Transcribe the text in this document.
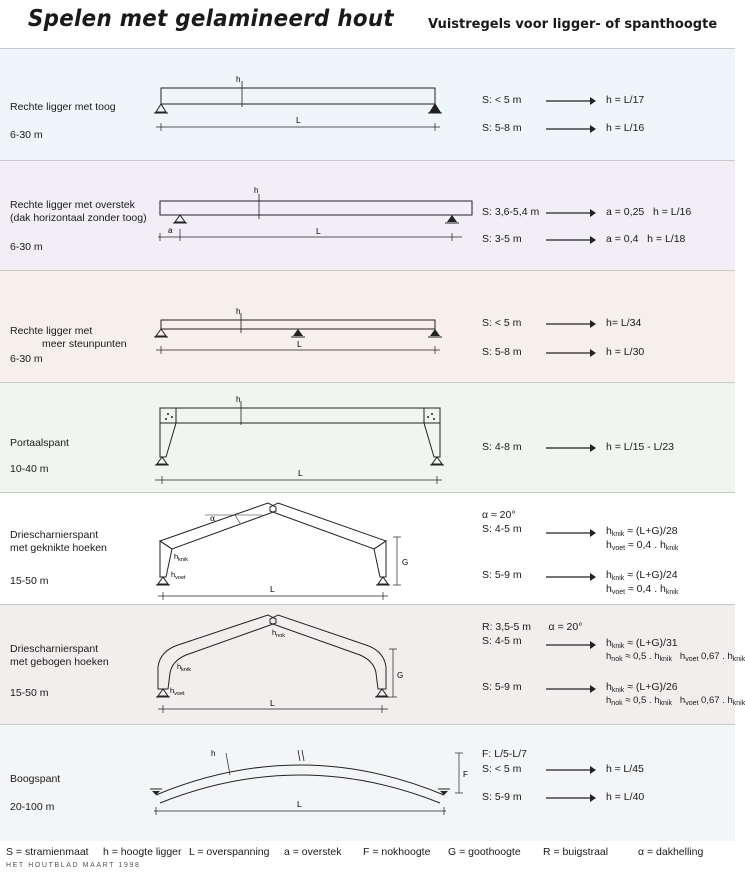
Spelen met gelamineerd hout	Vuistregels voor ligger- of spanthoogte
Rechte ligger met toog
6-30 m
h
L
S: < 5 m	h = L/17
S: 5-8 m	h = L/16
Rechte ligger met overstek
(dak horizontaal zonder toog)
6-30 m
h
a	L
S: 3,6-5,4 m	a = 0,25   h = L/16
S: 3-5 m	a = 0,4   h = L/18
Rechte ligger met
meer steunpunten
6-30 m
h
L
S: < 5 m	h= L/34
S: 5-8 m	h = L/30
Portaalspant
10-40 m
h
L
S: 4-8 m	h = L/15 - L/23
Driescharnierspant
met geknikte hoeken
15-50 m
α
$h_{knik}$
$h_{voet}$
G
L
α ≈ 20°
S: 4-5 m	$h_{knik} \approx (L+G)/28$
$h_{voet} \approx 0,4$ . $h_{knik}$
S: 5-9 m	$h_{knik} \approx (L+G)/24$
$h_{voet} \approx 0,4$ . $h_{knik}$
Driescharnierspant
met gebogen hoeken
15-50 m
$h_{nok}$
$h_{knik}$
$h_{voet}$
G
L
R: 3,5-5 m      α = 20°
S: 4-5 m	$h_{knik} \approx (L+G)/31$
$h_{nok} \approx 0,5$ . $h_{knik}$ $h_{voet}$ 0,67 . $h_{knik}$
S: 5-9 m	$h_{knik} \approx (L+G)/26$
$h_{nok} \approx 0,5$ . $h_{knik}$ $h_{voet}$ 0,67 . $h_{knik}$
Boogspant
20-100 m
h
F
L
F: L/5-L/7
S: < 5 m	h ≈ L/45
S: 5-9 m	h = L/40
S = stramienmaat h = hoogte ligger L = overspanning a = overstek F = nokhoogte G = goothoogte R = buigstraal	α = dakhelling
HET HOUTBLAD MAART 1998
